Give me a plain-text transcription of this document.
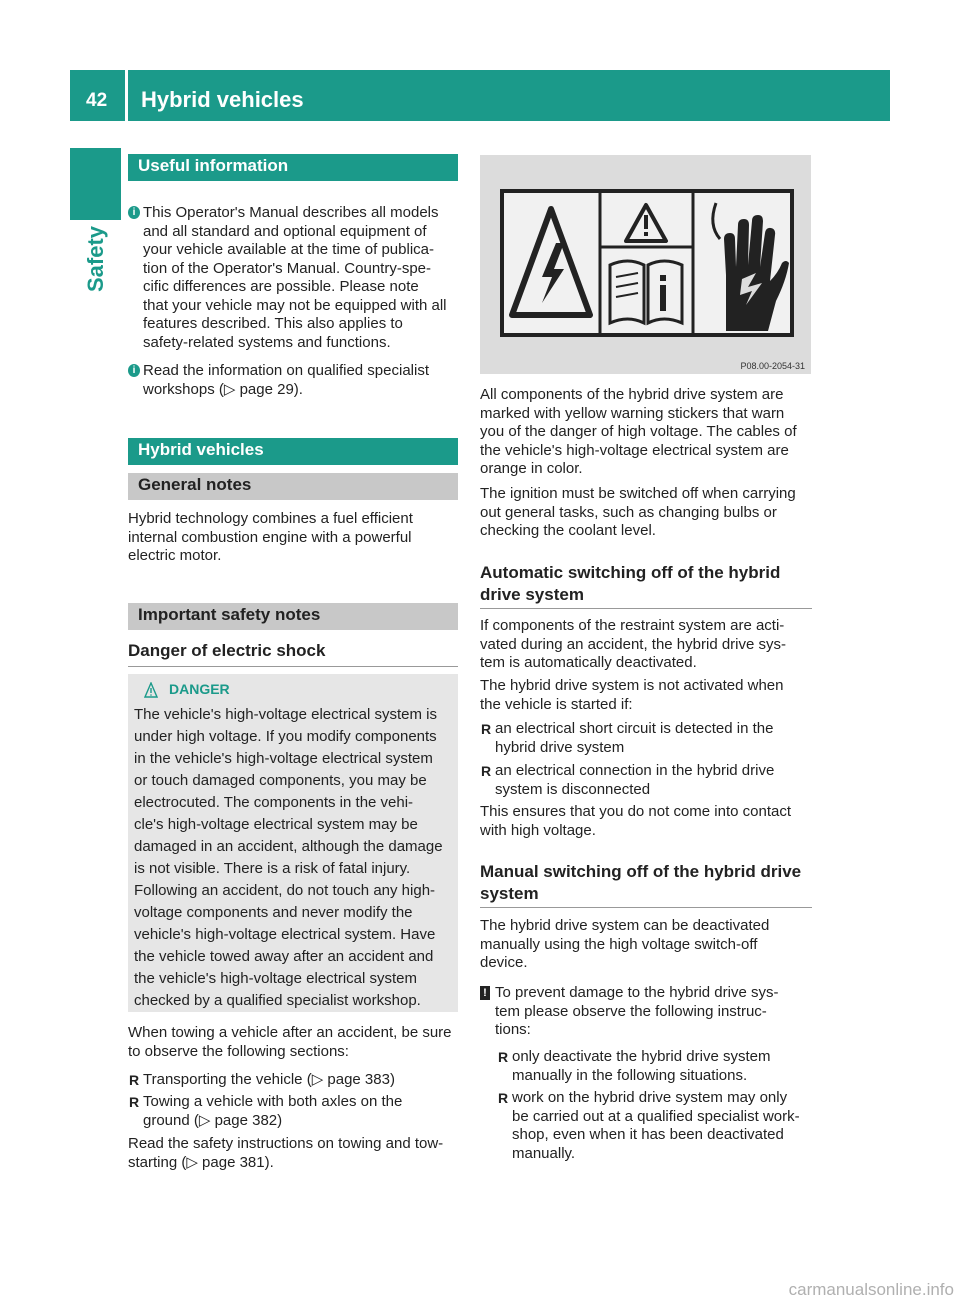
42 Hybrid vehicles
Safety
Useful information
i This Operator's Manual describes all models
and all standard and optional equipment of
your vehicle available at the time of publica-
tion of the Operator's Manual. Country-spe-
cific differences are possible. Please note
that your vehicle may not be equipped with all
features described. This also applies to
safety-related systems and functions.
i Read the information on qualified specialist
workshops (▷ page 29).
Hybrid vehicles
General notes
Hybrid technology combines a fuel efficient
internal combustion engine with a powerful
electric motor.
Important safety notes
Danger of electric shock
DANGER
The vehicle's high-voltage electrical system is
under high voltage. If you modify components
in the vehicle's high-voltage electrical system
or touch damaged components, you may be
electrocuted. The components in the vehi-
cle's high-voltage electrical system may be
damaged in an accident, although the damage
is not visible. There is a risk of fatal injury.
Following an accident, do not touch any high-
voltage components and never modify the
vehicle's high-voltage electrical system. Have
the vehicle towed away after an accident and
the vehicle's high-voltage electrical system
checked by a qualified specialist workshop.
When towing a vehicle after an accident, be sure
to observe the following sections:
R Transporting the vehicle (▷ page 383)
R Towing a vehicle with both axles on the
ground (▷ page 382)
Read the safety instructions on towing and tow-
starting (▷ page 381).
P08.00-2054-31
All components of the hybrid drive system are
marked with yellow warning stickers that warn
you of the danger of high voltage. The cables of
the vehicle's high-voltage electrical system are
orange in color.
The ignition must be switched off when carrying
out general tasks, such as changing bulbs or
checking the coolant level.
Automatic switching off of the hybrid
drive system
If components of the restraint system are acti-
vated during an accident, the hybrid drive sys-
tem is automatically deactivated.
The hybrid drive system is not activated when
the vehicle is started if:
R an electrical short circuit is detected in the
hybrid drive system
R an electrical connection in the hybrid drive
system is disconnected
This ensures that you do not come into contact
with high voltage.
Manual switching off of the hybrid drive
system
The hybrid drive system can be deactivated
manually using the high voltage switch-off
device.
! To prevent damage to the hybrid drive sys-
tem please observe the following instruc-
tions:
R only deactivate the hybrid drive system
manually in the following situations.
R work on the hybrid drive system may only
be carried out at a qualified specialist work-
shop, even when it has been deactivated
manually.
carmanualsonline.info
